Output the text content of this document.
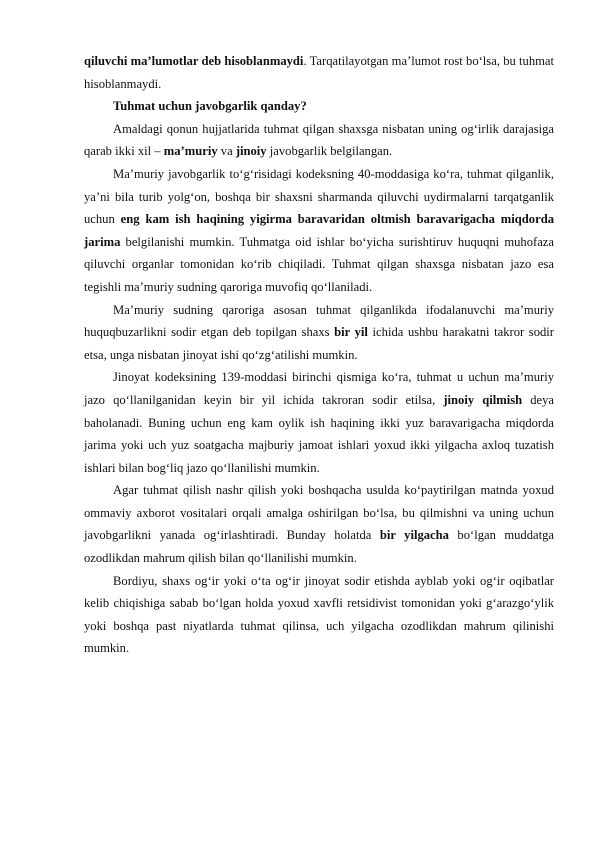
qiluvchi ma’lumotlar deb hisoblanmaydi. Tarqatilayotgan ma’lumot rost bo‘lsa, bu tuhmat hisoblanmaydi.

Tuhmat uchun javobgarlik qanday?

Amaldagi qonun hujjatlarida tuhmat qilgan shaxsga nisbatan uning og‘irlik darajasiga qarab ikki xil – ma’muriy va jinoiy javobgarlik belgilangan.

Ma’muriy javobgarlik to‘g‘risidagi kodeksning 40-moddasiga ko‘ra, tuhmat qilganlik, ya’ni bila turib yolg‘on, boshqa bir shaxsni sharmanda qiluvchi uydirmalarni tarqatganlik uchun eng kam ish haqining yigirma baravaridan oltmish baravarigacha miqdorda jarima belgilanishi mumkin. Tuhmatga oid ishlar bo‘yicha surishtiruv huquqni muhofaza qiluvchi organlar tomonidan ko‘rib chiqiladi. Tuhmat qilgan shaxsga nisbatan jazo esa tegishli ma’muriy sudning qaroriga muvofiq qo‘llaniladi.

Ma’muriy sudning qaroriga asosan tuhmat qilganlikda ifodalanuvchi ma’muriy huquqbuzarlikni sodir etgan deb topilgan shaxs bir yil ichida ushbu harakatni takror sodir etsa, unga nisbatan jinoyat ishi qo‘zg‘atilishi mumkin.

Jinoyat kodeksining 139-moddasi birinchi qismiga ko‘ra, tuhmat u uchun ma’muriy jazo qo‘llanilganidan keyin bir yil ichida takroran sodir etilsa, jinoiy qilmish deya baholanadi. Buning uchun eng kam oylik ish haqining ikki yuz baravarigacha miqdorda jarima yoki uch yuz soatgacha majburiy jamoat ishlari yoxud ikki yilgacha axloq tuzatish ishlari bilan bog‘liq jazo qo‘llanilishi mumkin.

Agar tuhmat qilish nashr qilish yoki boshqacha usulda ko‘paytirilgan matnda yoxud ommaviy axborot vositalari orqali amalga oshirilgan bo‘lsa, bu qilmishni va uning uchun javobgarlikni yanada og‘irlashtiradi. Bunday holatda bir yilgacha bo‘lgan muddatga ozodlikdan mahrum qilish bilan qo‘llanilishi mumkin.

Bordiyu, shaxs og‘ir yoki o‘ta og‘ir jinoyat sodir etishda ayblab yoki og‘ir oqibatlar kelib chiqishiga sabab bo‘lgan holda yoxud xavfli retsidivist tomonidan yoki g‘arazgo‘ylik yoki boshqa past niyatlarda tuhmat qilinsa, uch yilgacha ozodlikdan mahrum qilinishi mumkin.
